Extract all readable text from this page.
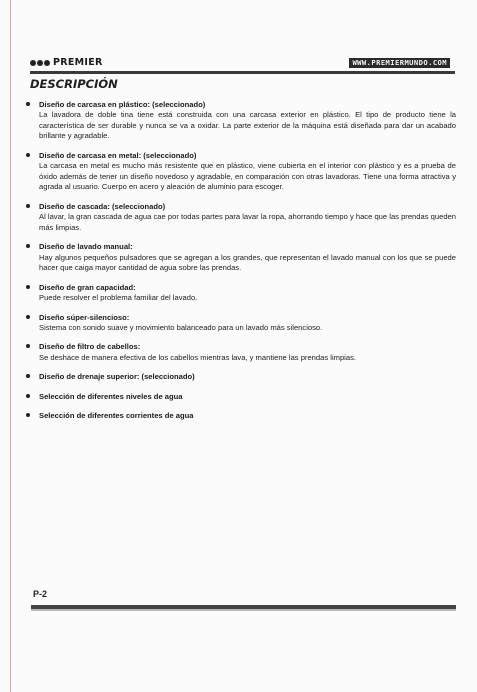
PREMIER	WWW.PREMIERMUNDO.COM
DESCRIPCIÓN
Diseño de carcasa en plástico: (seleccionado)
La lavadora de doble tina tiene está construida con una carcasa exterior en plástico. El tipo de producto tiene la característica de ser durable y nunca se va a oxidar. La parte exterior de la máquina está diseñada para dar un acabado brillante y agradable.
Diseño de carcasa en metal: (seleccionado)
La carcasa en metal es mucho más resistente que en plástico, viene cubierta en el interior con plástico y es a prueba de óxido además de tener un diseño novedoso y agradable, en comparación con otras lavadoras. Tiene una forma atractiva y agrada al usuario. Cuerpo en acero y aleación de aluminio para escoger.
Diseño de cascada: (seleccionado)
Al lavar, la gran cascada de agua cae por todas partes para lavar la ropa, ahorrando tiempo y hace que las prendas queden más limpias.
Diseño de lavado manual:
Hay algunos pequeños pulsadores que se agregan a los grandes, que representan el lavado manual con los que se puede hacer que caiga mayor cantidad de agua sobre las prendas.
Diseño de gran capacidad:
Puede resolver el problema familiar del lavado.
Diseño súper-silencioso:
Sistema con sonido suave y movimiento balanceado para un lavado más silencioso.
Diseño de filtro de cabellos:
Se deshace de manera efectiva de los cabellos mientras lava, y mantiene las prendas limpias.
Diseño de drenaje superior: (seleccionado)
Selección de diferentes niveles de agua
Selección de diferentes corrientes de agua
P-2
